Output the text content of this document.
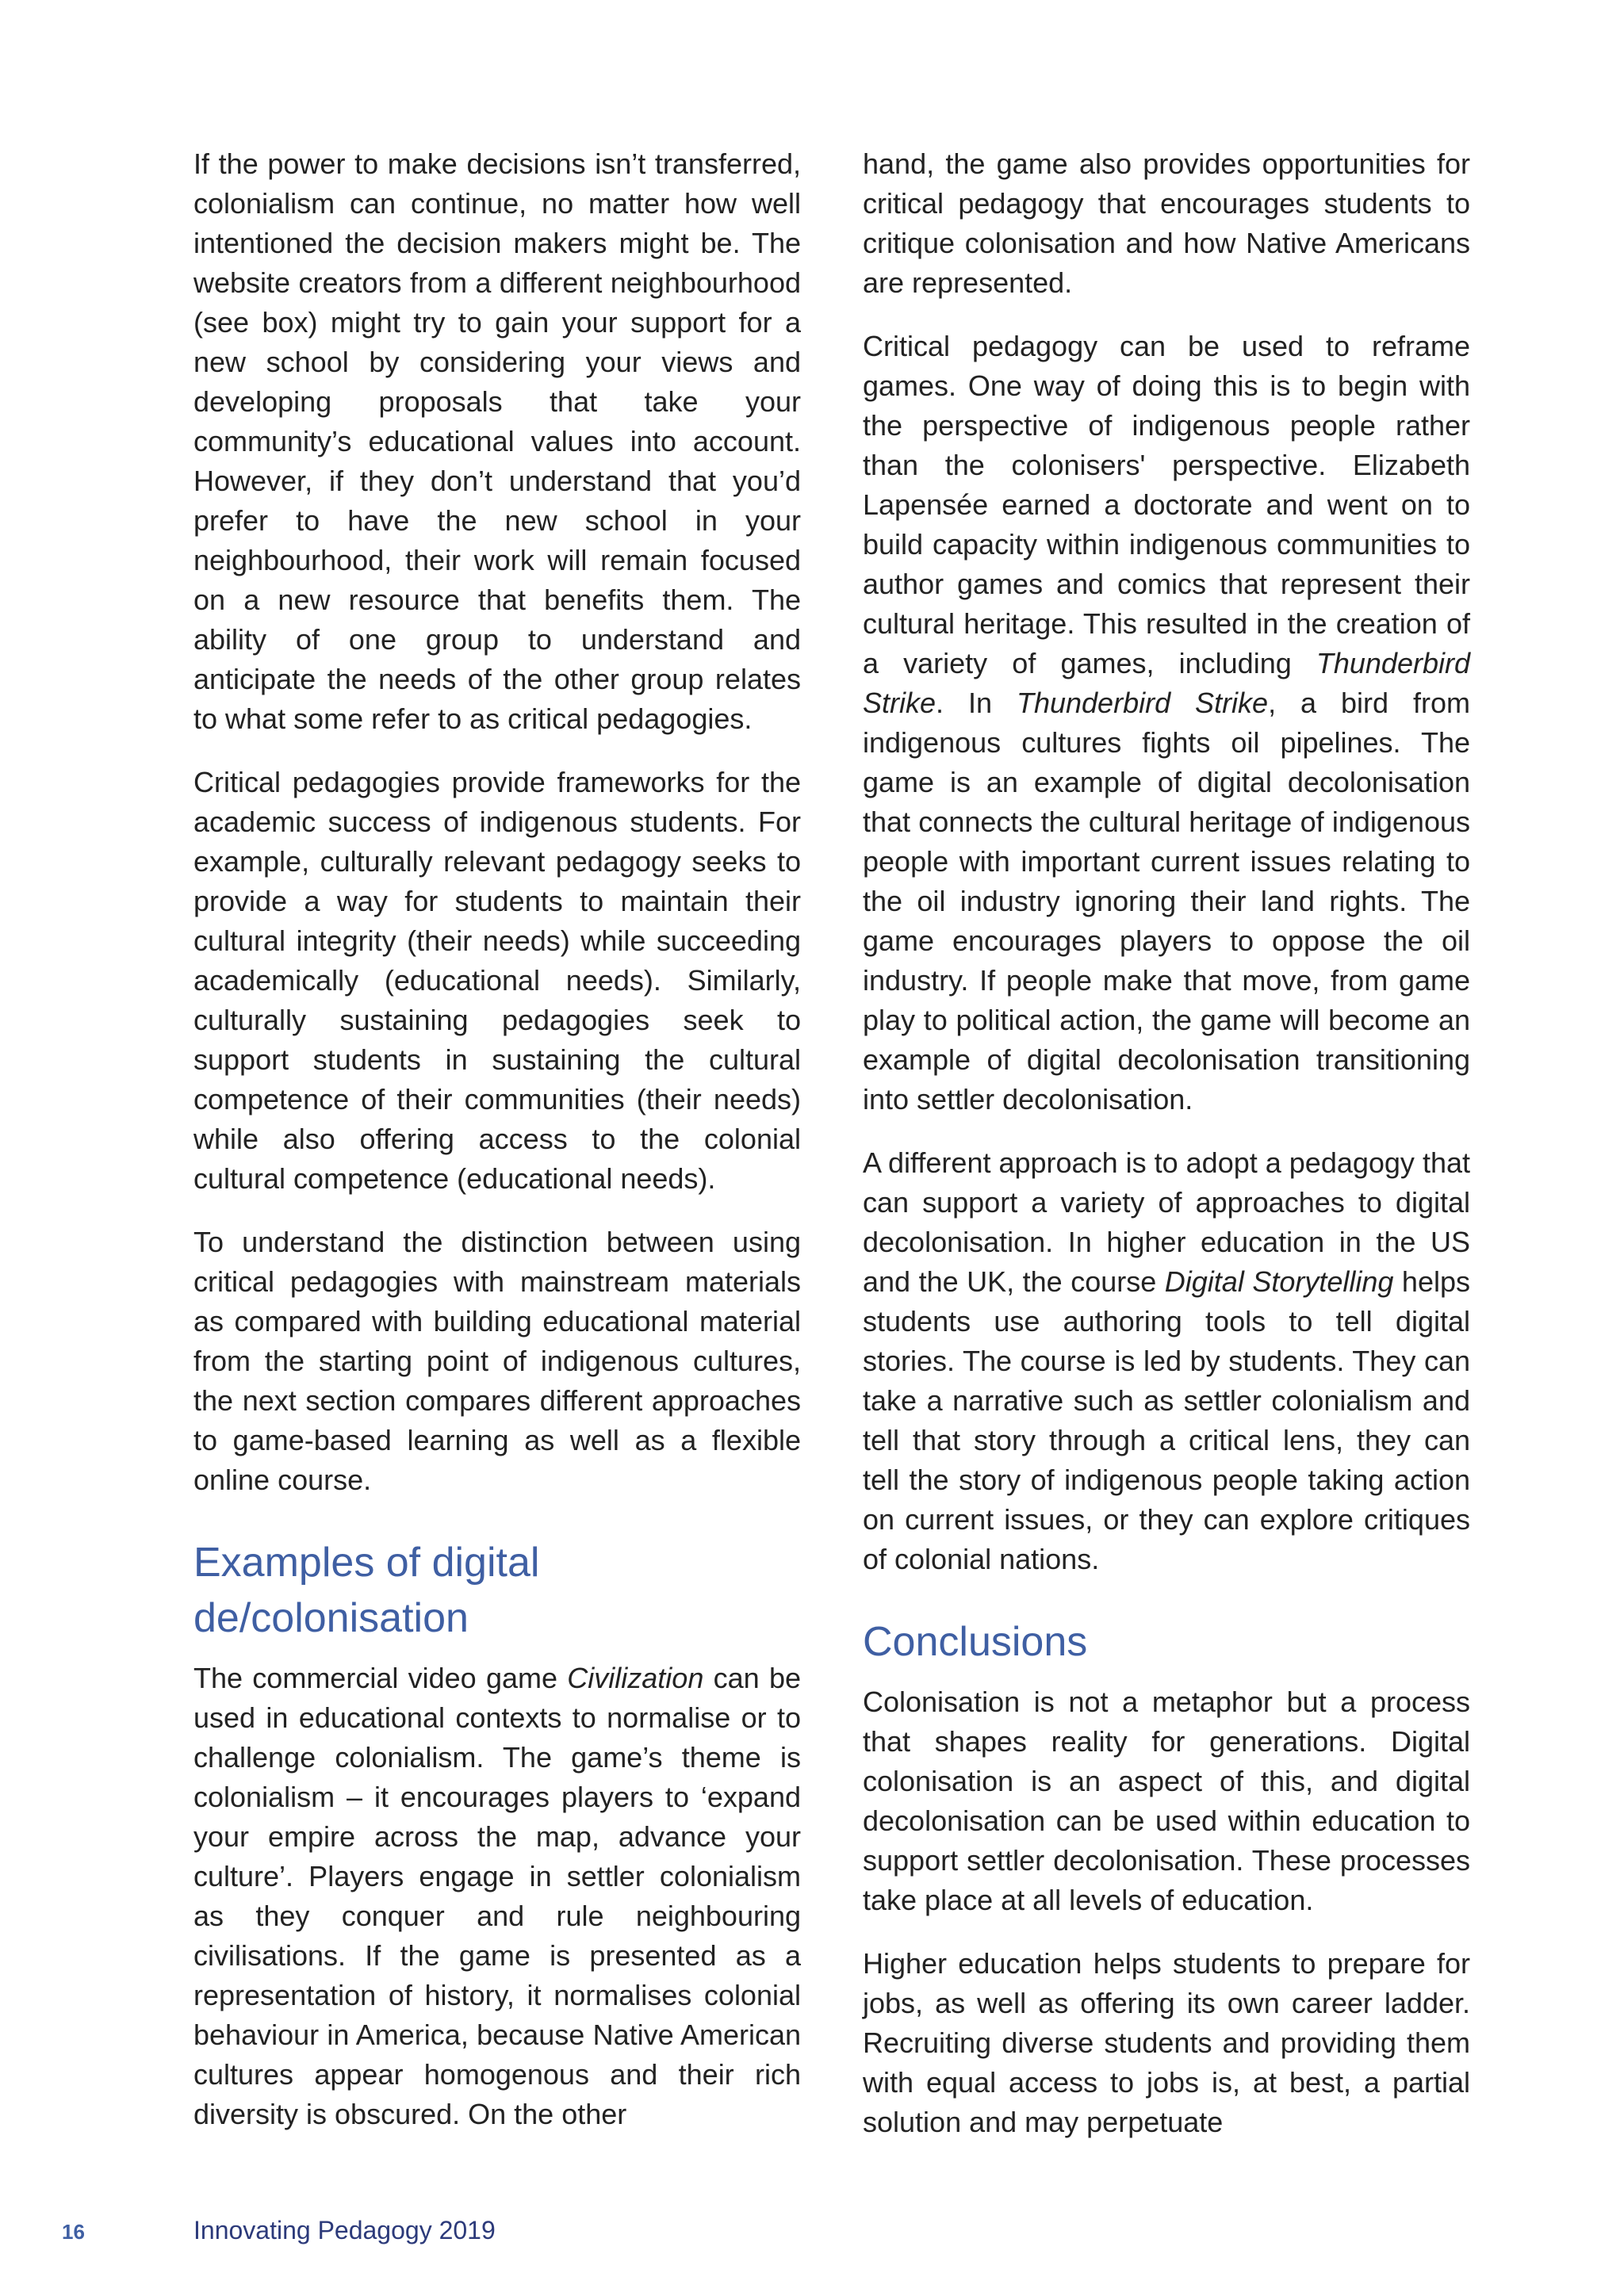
If the power to make decisions isn’t transferred, colonialism can continue, no matter how well intentioned the decision makers might be. The website creators from a different neighbourhood (see box) might try to gain your support for a new school by considering your views and developing proposals that take your community’s educational values into account. However, if they don’t understand that you’d prefer to have the new school in your neighbourhood, their work will remain focused on a new resource that benefits them. The ability of one group to understand and anticipate the needs of the other group relates to what some refer to as critical pedagogies.

Critical pedagogies provide frameworks for the academic success of indigenous students. For example, culturally relevant pedagogy seeks to provide a way for students to maintain their cultural integrity (their needs) while succeeding academically (educational needs). Similarly, culturally sustaining pedagogies seek to support students in sustaining the cultural competence of their communities (their needs) while also offering access to the colonial cultural competence (educational needs).

To understand the distinction between using critical pedagogies with mainstream materials as compared with building educational material from the starting point of indigenous cultures, the next section compares different approaches to game-based learning as well as a flexible online course.

Examples of digital de/colonisation

The commercial video game Civilization can be used in educational contexts to normalise or to challenge colonialism. The game’s theme is colonialism – it encourages players to ‘expand your empire across the map, advance your culture’. Players engage in settler colonialism as they conquer and rule neighbouring civilisations. If the game is presented as a representation of history, it normalises colonial behaviour in America, because Native American cultures appear homogenous and their rich diversity is obscured. On the other

hand, the game also provides opportunities for critical pedagogy that encourages students to critique colonisation and how Native Americans are represented.

Critical pedagogy can be used to reframe games. One way of doing this is to begin with the perspective of indigenous people rather than the colonisers' perspective. Elizabeth Lapensée earned a doctorate and went on to build capacity within indigenous communities to author games and comics that represent their cultural heritage. This resulted in the creation of a variety of games, including Thunderbird Strike. In Thunderbird Strike, a bird from indigenous cultures fights oil pipelines. The game is an example of digital decolonisation that connects the cultural heritage of indigenous people with important current issues relating to the oil industry ignoring their land rights. The game encourages players to oppose the oil industry. If people make that move, from game play to political action, the game will become an example of digital decolonisation transitioning into settler decolonisation.

A different approach is to adopt a pedagogy that can support a variety of approaches to digital decolonisation. In higher education in the US and the UK, the course Digital Storytelling helps students use authoring tools to tell digital stories. The course is led by students. They can take a narrative such as settler colonialism and tell that story through a critical lens, they can tell the story of indigenous people taking action on current issues, or they can explore critiques of colonial nations.

Conclusions

Colonisation is not a metaphor but a process that shapes reality for generations. Digital colonisation is an aspect of this, and digital decolonisation can be used within education to support settler decolonisation. These processes take place at all levels of education.

Higher education helps students to prepare for jobs, as well as offering its own career ladder. Recruiting diverse students and providing them with equal access to jobs is, at best, a partial solution and may perpetuate

16	Innovating Pedagogy 2019
